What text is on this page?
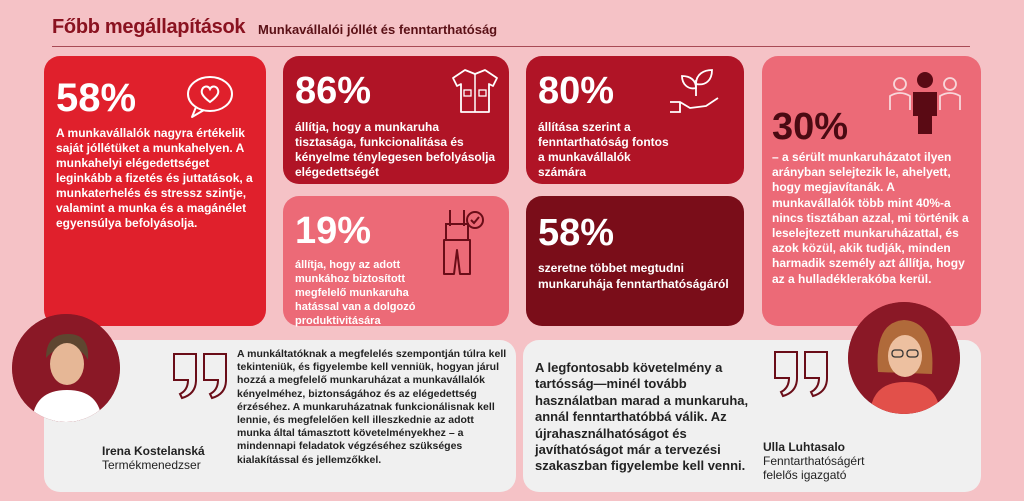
Főbb megállapítások Munkavállalói jóllét és fenntarthatóság
58%
A munkavállalók nagyra értékelik saját jóllétüket a munkahelyen. A munkahelyi elégedettséget leginkább a fizetés és juttatások, a munkaterhelés és stressz szintje, valamint a munka és a magánélet egyensúlya befolyásolja.
86%
állítja, hogy a munkaruha tisztasága, funkcionalitása és kényelme ténylegesen befolyásolja elégedettségét
19%
állítja, hogy az adott munkához biztosított megfelelő munkaruha hatással van a dolgozó produktivitására
80%
állítása szerint a fenntarthatóság fontos a munkavállalók számára
58%
szeretne többet megtudni munkaruhája fenntarthatóságáról
30%
– a sérült munkaruházatot ilyen arányban selejtezik le, ahelyett, hogy megjavítanák. A munkavállalók több mint 40%-a nincs tisztában azzal, mi történik a leselejtezett munkaruházattal, és azok közül, akik tudják, minden harmadik személy azt állítja, hogy az a hulladéklerakóba kerül.
A munkáltatóknak a megfelelés szempontján túlra kell tekinteniük, és figyelembe kell venniük, hogyan járul hozzá a megfelelő munkaruházat a munkavállalók kényelméhez, biztonságához és az elégedettség érzéséhez. A munkaruházatnak funkcionálisnak kell lennie, és megfelelően kell illeszkednie az adott munka által támasztott követelményekhez – a mindennapi feladatok végzéséhez szükséges kialakítással és jellemzőkkel.
Irena Kostelanská
Termékmenedzser
A legfontosabb követelmény a tartósság—minél tovább használatban marad a munkaruha, annál fenntarthatóbbá válik. Az újrahasználhatóságot és javíthatóságot már a tervezési szakaszban figyelembe kell venni.
Ulla Luhtasalo
Fenntarthatóságért felelős igazgató
